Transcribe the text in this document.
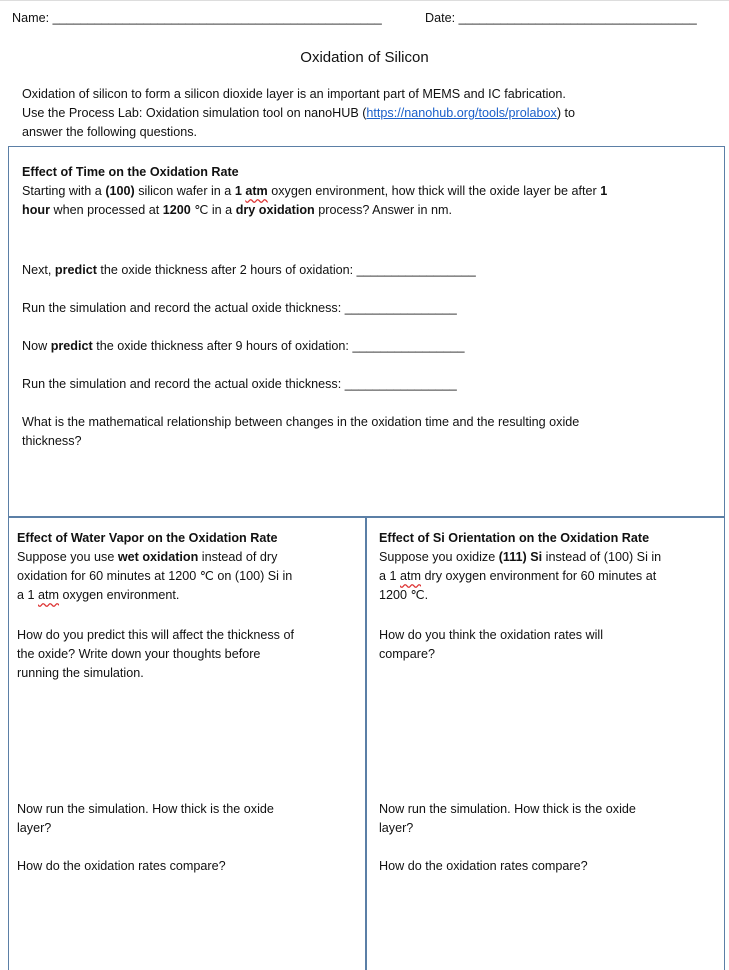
Name: _______________________________________________	Date: __________________________________
Oxidation of Silicon
Oxidation of silicon to form a silicon dioxide layer is an important part of MEMS and IC fabrication.
Use the Process Lab: Oxidation simulation tool on nanoHUB (https://nanohub.org/tools/prolabox) to
answer the following questions.
Effect of Time on the Oxidation Rate
Starting with a (100) silicon wafer in a 1 atm oxygen environment, how thick will the oxide layer be after 1
hour when processed at 1200 ℃ in a dry oxidation process? Answer in nm.
Next, predict the oxide thickness after 2 hours of oxidation: _________________
Run the simulation and record the actual oxide thickness: ________________
Now predict the oxide thickness after 9 hours of oxidation: ________________
Run the simulation and record the actual oxide thickness: ________________
What is the mathematical relationship between changes in the oxidation time and the resulting oxide
thickness?
Effect of Water Vapor on the Oxidation Rate
Suppose you use wet oxidation instead of dry
oxidation for 60 minutes at 1200 ℃ on (100) Si in
a 1 atm oxygen environment.
How do you predict this will affect the thickness of
the oxide? Write down your thoughts before
running the simulation.
Now run the simulation. How thick is the oxide
layer?
How do the oxidation rates compare?
Effect of Si Orientation on the Oxidation Rate
Suppose you oxidize (111) Si instead of (100) Si in
a 1 atm dry oxygen environment for 60 minutes at
1200 ℃.
How do you think the oxidation rates will
compare?
Now run the simulation. How thick is the oxide
layer?
How do the oxidation rates compare?
